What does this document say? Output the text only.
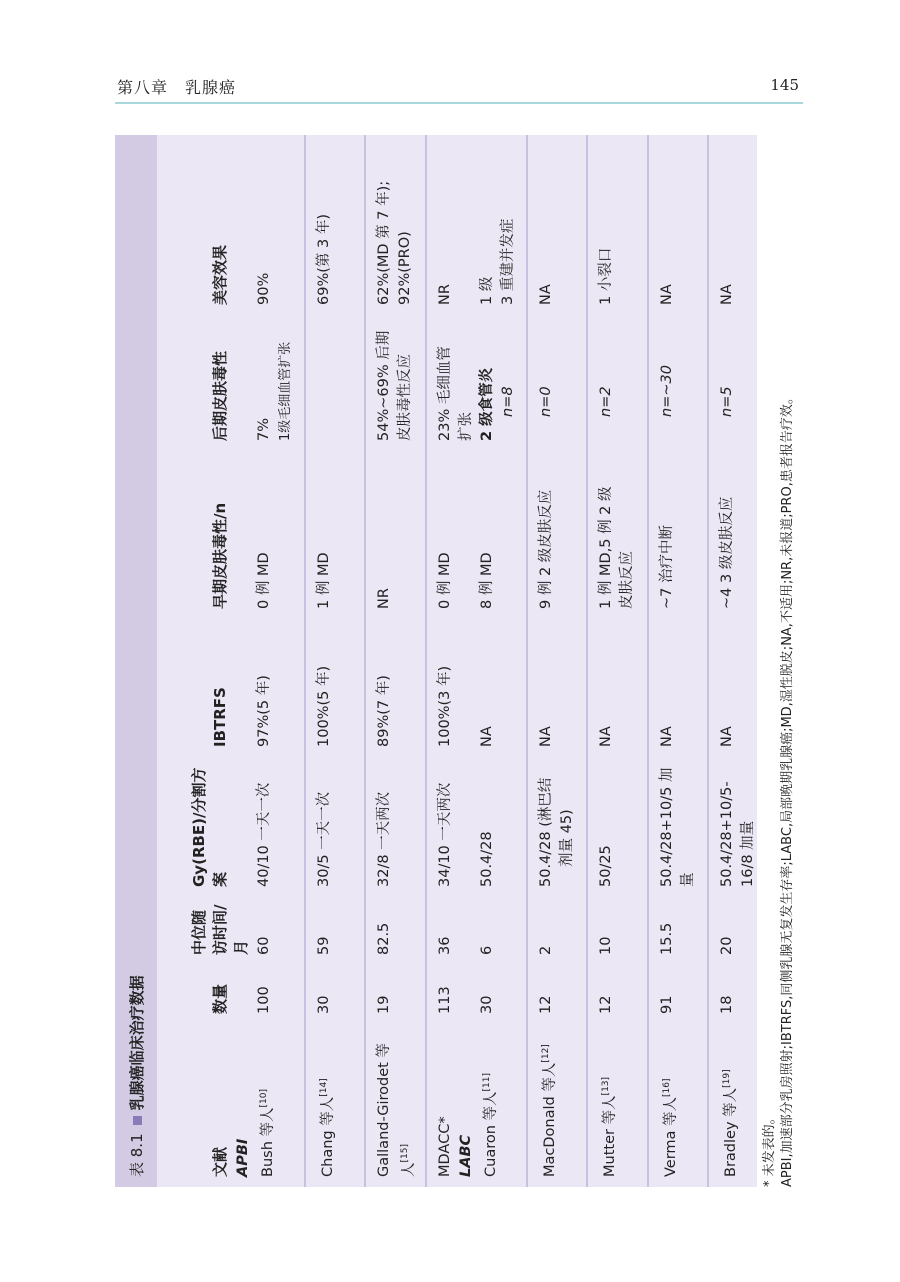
第八章　乳腺癌	145
表 8.1乳腺癌临床治疗数据
文献
数量
中位随访时间/月
Gy(RBE)/分割方案
IBTRFS
早期皮肤毒性/n
后期皮肤毒性
美容效果
APBI Bush 等人[10]
100
60
40/10 一天一次
97%(5 年)
0 例 MD
7% 1级毛细血管扩张
90%
Chang 等人[14]
30
59
30/5 一天一次
100%(5 年)
1 例 MD
69%(第 3 年)
Galland-Girodet 等 人[15]
19
82.5
32/8 一天两次
89%(7 年)
NR
54%~69% 后期 皮肤毒性反应
62%(MD 第 7 年); 92%(PRO)
MDACC*
113
36
34/10 一天两次
100%(3 年)
0 例 MD
23% 毛细血管 扩张
NR
LABC Cuaron 等人[11]
30
6
50.4/28
NA
8 例 MD
2 级食管炎 n=8
1 级 3 重建并发症
MacDonald 等人[12]
12
2
50.4/28 (淋巴结 剂量 45)
NA
9 例 2 级皮肤反应
n=0
NA
Mutter 等人[13]
12
10
50/25
NA
1 例 MD,5 例 2 级 皮肤反应
n=2
1 小裂口
Verma 等人[16]
91
15.5
50.4/28+10/5 加 量
NA
~7 治疗中断
n=~30
NA
Bradley 等人[19]
18
20
50.4/28+10/5- 16/8 加量
NA
~4 3 级皮肤反应
n=5
NA
* 未发表的。 APBI,加速部分乳房照射;IBTRFS,同侧乳腺无复发生存率;LABC,局部晚期乳腺癌;MD,湿性脱皮;NA,不适用;NR,未报道;PRO,患者报告疗效。
